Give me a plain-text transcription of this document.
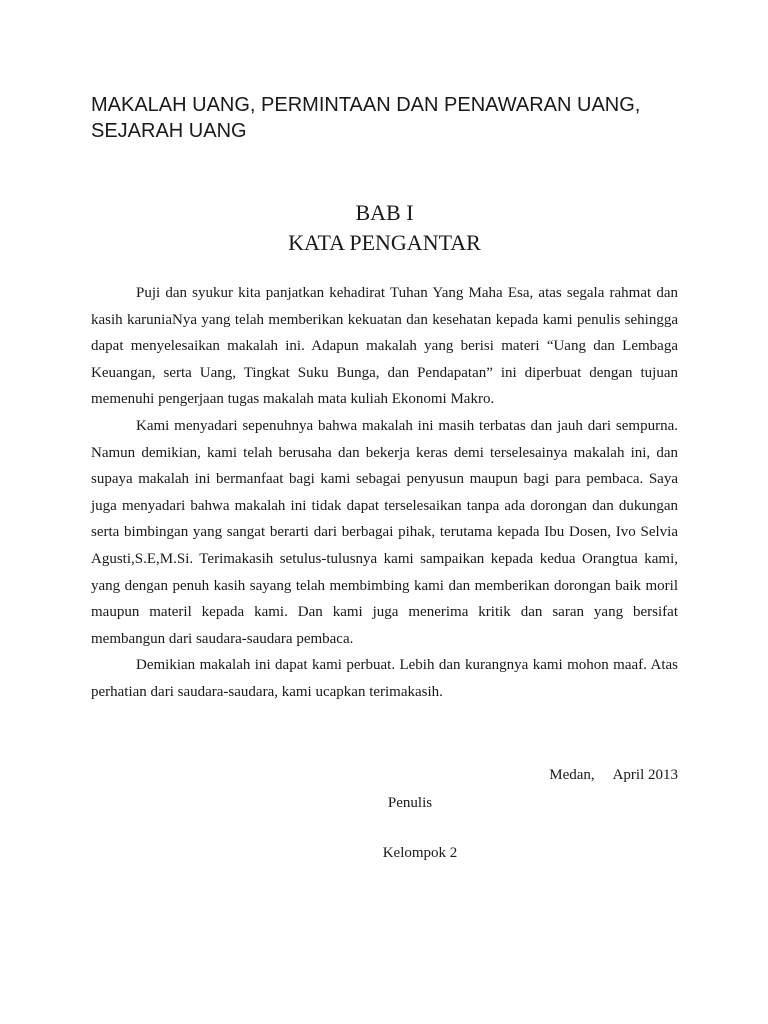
MAKALAH UANG, PERMINTAAN DAN PENAWARAN UANG, SEJARAH UANG
BAB I
KATA PENGANTAR

Puji dan syukur kita panjatkan kehadirat Tuhan Yang Maha Esa, atas segala rahmat dan kasih karuniaNya yang telah memberikan kekuatan dan kesehatan kepada kami penulis sehingga dapat menyelesaikan makalah ini. Adapun makalah yang berisi materi “Uang dan Lembaga Keuangan, serta Uang, Tingkat Suku Bunga, dan Pendapatan” ini diperbuat dengan tujuan memenuhi pengerjaan tugas makalah mata kuliah Ekonomi Makro.

Kami menyadari sepenuhnya bahwa makalah ini masih terbatas dan jauh dari sempurna. Namun demikian, kami telah berusaha dan bekerja keras demi terselesainya makalah ini, dan supaya makalah ini bermanfaat bagi kami sebagai penyusun maupun bagi para pembaca. Saya juga menyadari bahwa makalah ini tidak dapat terselesaikan tanpa ada dorongan dan dukungan serta bimbingan yang sangat berarti dari berbagai pihak, terutama kepada Ibu Dosen, Ivo Selvia Agusti,S.E,M.Si. Terimakasih setulus-tulusnya kami sampaikan kepada kedua Orangtua kami, yang dengan penuh kasih sayang telah membimbing kami dan memberikan dorongan baik moril maupun materil kepada kami. Dan kami juga menerima kritik dan saran yang bersifat membangun dari saudara-saudara pembaca.

Demikian makalah ini dapat kami perbuat. Lebih dan kurangnya kami mohon maaf. Atas perhatian dari saudara-saudara, kami ucapkan terimakasih.

Medan,     April 2013
Penulis
Kelompok 2
